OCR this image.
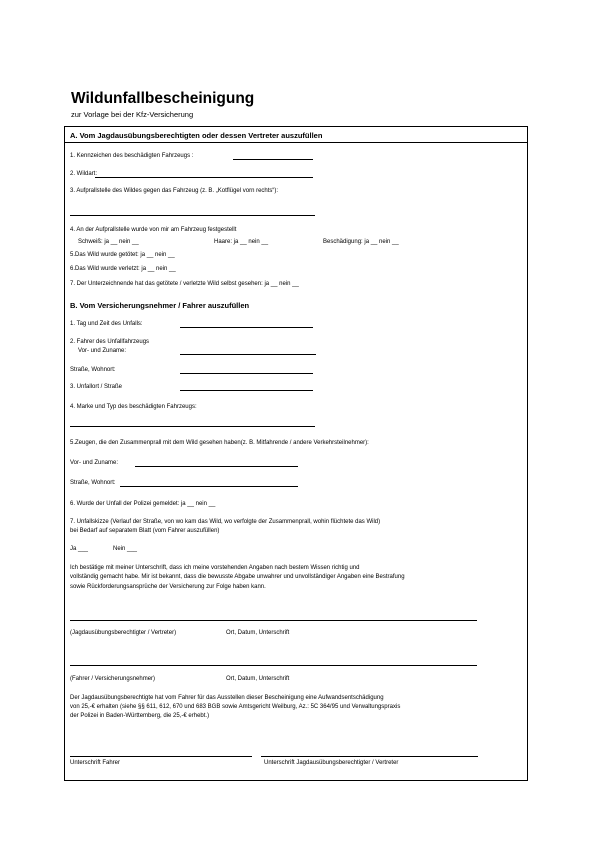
Wildunfallbescheinigung
zur Vorlage bei der Kfz-Versicherung
A. Vom Jagdausübungsberechtigten oder dessen Vertreter auszufüllen
1. Kennzeichen des beschädigten Fahrzeugs :
2. Wildart:
3. Aufprallstelle des Wildes gegen das Fahrzeug (z. B. „Kotflügel vorn rechts“):
4. An der Aufprallstelle wurde von mir am Fahrzeug festgestellt
Schweiß: ja __ nein __	Haare: ja __ nein __	Beschädigung: ja __ nein __
5.Das Wild wurde getötet: ja __ nein __
6.Das Wild wurde verletzt: ja __ nein __
7. Der Unterzeichnende hat das getötete / verletzte Wild selbst gesehen: ja __ nein __
B. Vom Versicherungsnehmer / Fahrer auszufüllen
1. Tag und Zeit des Unfalls:
2. Fahrer des Unfallfahrzeugs
Vor- und Zuname:
Straße, Wohnort:
3. Unfallort / Straße
4. Marke und Typ des beschädigten Fahrzeugs:
5.Zeugen, die den Zusammenprall mit dem Wild gesehen haben(z. B. Mitfahrende / andere Verkehrsteilnehmer):
Vor- und Zuname:
Straße, Wohnort:
6. Wurde der Unfall der Polizei gemeldet: ja __ nein __
7. Unfallskizze (Verlauf der Straße, von wo kam das Wild, wo verfolgte der Zusammenprall, wohin flüchtete das Wild)
bei Bedarf auf separatem Blatt (vom Fahrer auszufüllen)
Ja ___	Nein ___
Ich bestätige mit meiner Unterschrift, dass ich meine vorstehenden Angaben nach bestem Wissen richtig und
vollständig gemacht habe. Mir ist bekannt, dass die bewusste Abgabe unwahrer und unvollständiger Angaben eine Bestrafung
sowie Rückforderungsansprüche der Versicherung zur Folge haben kann.
(Jagdausübungsberechtigter / Vertreter)	Ort, Datum, Unterschrift
(Fahrer / Versicherungsnehmer)	Ort, Datum, Unterschrift
Der Jagdausübungsberechtigte hat vom Fahrer für das Ausstellen dieser Bescheinigung eine Aufwandsentschädigung
von 25,-€ erhalten (siehe §§ 611, 612, 670 und 683 BGB sowie Amtsgericht Weilburg, Az.: 5C 364/95 und Verwaltungspraxis
der Polizei in Baden-Württemberg, die 25,-€ erhebt.)
Unterschrift Fahrer	Unterschrift Jagdausübungsberechtigter / Vertreter
